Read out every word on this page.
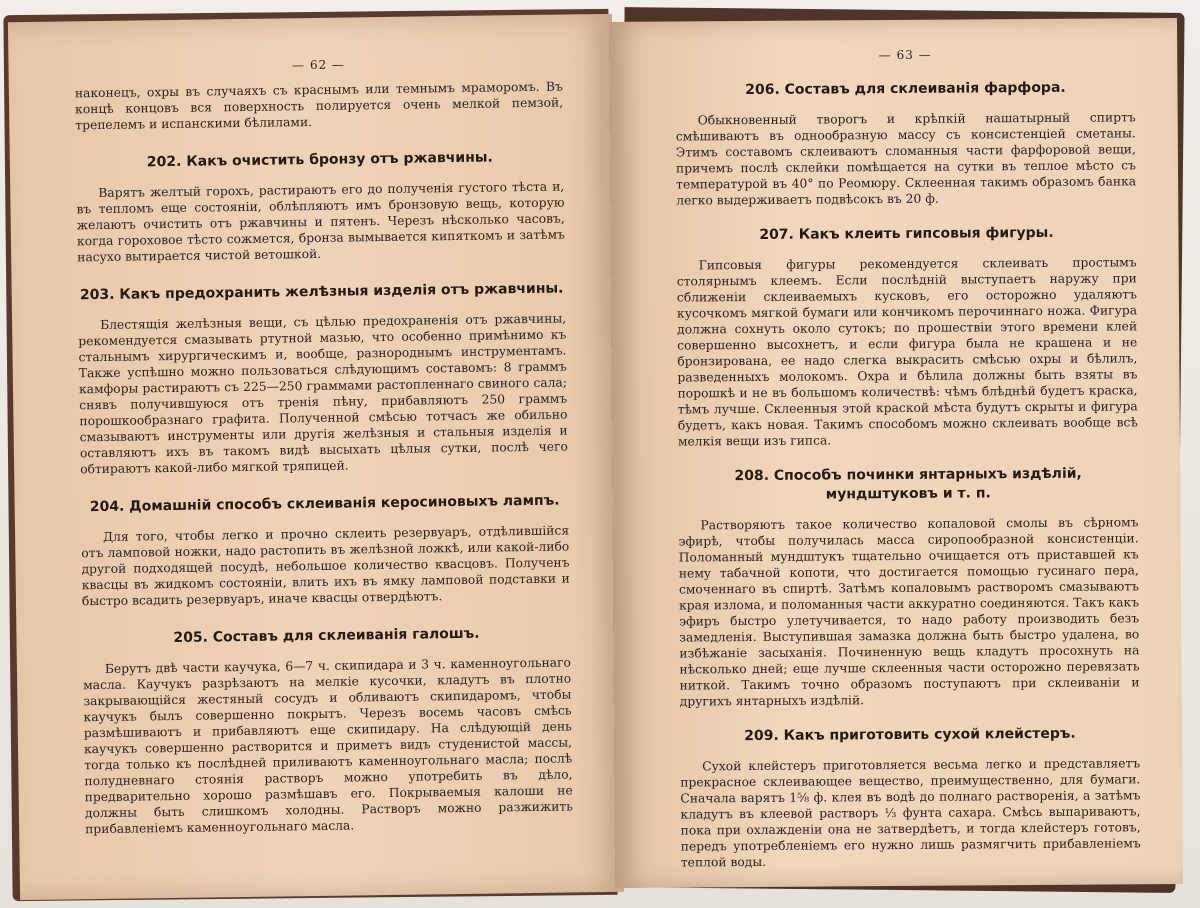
— 62 —

наконецъ, охры въ случаяхъ съ краснымъ или темнымъ мраморомъ. Въ концѣ концовъ вся поверхность полируется очень мелкой пемзой, треπелемъ и испанскими бѣлилами.

202. Какъ очистить бронзу отъ ржавчины.

Варятъ желтый горохъ, растираютъ его до полученія густого тѣста и, въ тепломъ еще состояніи, облѣпляютъ имъ бронзовую вещь, которую желаютъ очистить отъ ржавчины и пятенъ. Черезъ нѣсколько часовъ, когда гороховое тѣсто сожмется, бронза вымывается кипяткомъ и затѣмъ насухо вытирается чистой ветошкой.

203. Какъ предохранить желѣзныя изделія отъ ржавчины.

Блестящія желѣзныя вещи, съ цѣлью предохраненія отъ ржавчины, рекомендуется смазывать ртутной мазью, что особенно примѣнимо къ стальнымъ хирургическимъ и, вообще, разнороднымъ инструментамъ. Также успѣшно можно пользоваться слѣдующимъ составомъ: 8 граммъ камфоры растираютъ съ 225—250 граммами растопленнаго свиного сала; снявъ получившуюся отъ тренія пѣну, прибавляютъ 250 граммъ порошкообразнаго графита. Полученной смѣсью тотчасъ же обильно смазываютъ инструменты или другія желѣзныя и стальныя изделія и оставляютъ ихъ въ такомъ видѣ высыхать цѣлыя сутки, послѣ чего обтираютъ какой-либо мягкой тряпицей.

204. Домашній способъ склеиванія керосиновыхъ лампъ.

Для того, чтобы легко и прочно склеить резервуаръ, отдѣлившійся отъ ламповой ножки, надо растопить въ желѣзной ложкѣ, или какой-либо другой подходящей посудѣ, небольшое количество квасцовъ. Полученъ квасцы въ жидкомъ состояніи, влить ихъ въ ямку ламповой подставки и быстро всадить резервуаръ, иначе квасцы отвердѣютъ.

205. Составъ для склеиванія галошъ.

Берутъ двѣ части каучука, 6—7 ч. скипидара и 3 ч. каменноугольнаго масла. Каучукъ разрѣзаютъ на мелкіе кусочки, кладутъ въ плотно закрывающійся жестяный сосудъ и обливаютъ скипидаромъ, чтобы каучукъ былъ совершенно покрытъ. Черезъ восемь часовъ смѣсь размѣшиваютъ и прибавляютъ еще скипидару. На слѣдующій день каучукъ совершенно растворится и приметъ видъ студенистой массы, тогда только къ послѣдней приливаютъ каменноугольнаго масла; послѣ полудневнаго стоянія растворъ можно употребить въ дѣло, предварительно хорошо размѣшавъ его. Покрываемыя калоши не должны быть слишкомъ холодны. Растворъ можно разжижить прибавленіемъ каменноугольнаго масла.

— 63 —
206. Составъ для склеиванія фарфора.

Обыкновенный творогъ и крѣпкій нашатырный спиртъ смѣшиваютъ въ однообразную массу съ консистенціей сметаны. Этимъ составомъ склеиваютъ сломанныя части фарфоровой вещи, причемъ послѣ склейки помѣщается на сутки въ теплое мѣсто съ температурой въ 40° по Реомюру. Склеенная такимъ образомъ банка легко выдерживаетъ подвѣсокъ въ 20 ф.

207. Какъ клеить гипсовыя фигуры.

Гипсовыя фигуры рекомендуется склеивать простымъ столярнымъ клеемъ. Если послѣдній выступаетъ наружу при сближеніи склеиваемыхъ кусковъ, его осторожно удаляютъ кусочкомъ мягкой бумаги или кончикомъ перочиннаго ножа. Фигура должна сохнуть около сутокъ; по прошествіи этого времени клей совершенно высохнетъ, и если фигура была не крашена и не бронзирована, ее надо слегка выкрасить смѣсью охры и бѣлилъ, разведенныхъ молокомъ. Охра и бѣлила должны быть взяты въ порошкѣ и не въ большомъ количествѣ: чѣмъ блѣднѣй будетъ краска, тѣмъ лучше. Склеенныя этой краской мѣста будутъ скрыты и фигура будетъ, какъ новая. Такимъ способомъ можно склеивать вообще всѣ мелкія вещи изъ гипса.

208. Способъ починки янтарныхъ издѣлій, мундштуковъ и т. п.

Растворяютъ такое количество копаловой смолы въ сѣрномъ эфирѣ, чтобы получилась масса сиропообразной консистенціи. Поломанный мундштукъ тщательно очищается отъ приставшей къ нему табачной копоти, что достигается помощью гусинаго пера, смоченнаго въ спиртѣ. Затѣмъ копаловымъ растворомъ смазываютъ края излома, и поломанныя части аккуратно соединяются. Такъ какъ эфиръ быстро улетучивается, то надо работу производить безъ замедленія. Выступившая замазка должна быть быстро удалена, во избѣжаніе засыханія. Починенную вещь кладутъ просохнуть на нѣсколько дней; еще лучше склеенныя части осторожно перевязать ниткой. Такимъ точно образомъ поступаютъ при склеиваніи и другихъ янтарныхъ издѣлій.

209. Какъ приготовить сухой клейстеръ.

Сухой клейстеръ приготовляется весьма легко и представляетъ прекрасное склеивающее вещество, преимущественно, для бумаги. Сначала варятъ 1⅝ ф. клея въ водѣ до полнаго растворенія, а затѣмъ кладутъ въ клеевой растворъ ⅓ фунта сахара. Смѣсь выпариваютъ, пока при охлажденіи она не затвердѣетъ, и тогда клейстеръ готовъ, передъ употребленіемъ его нужно лишь размягчить прибавленіемъ теплой воды.
